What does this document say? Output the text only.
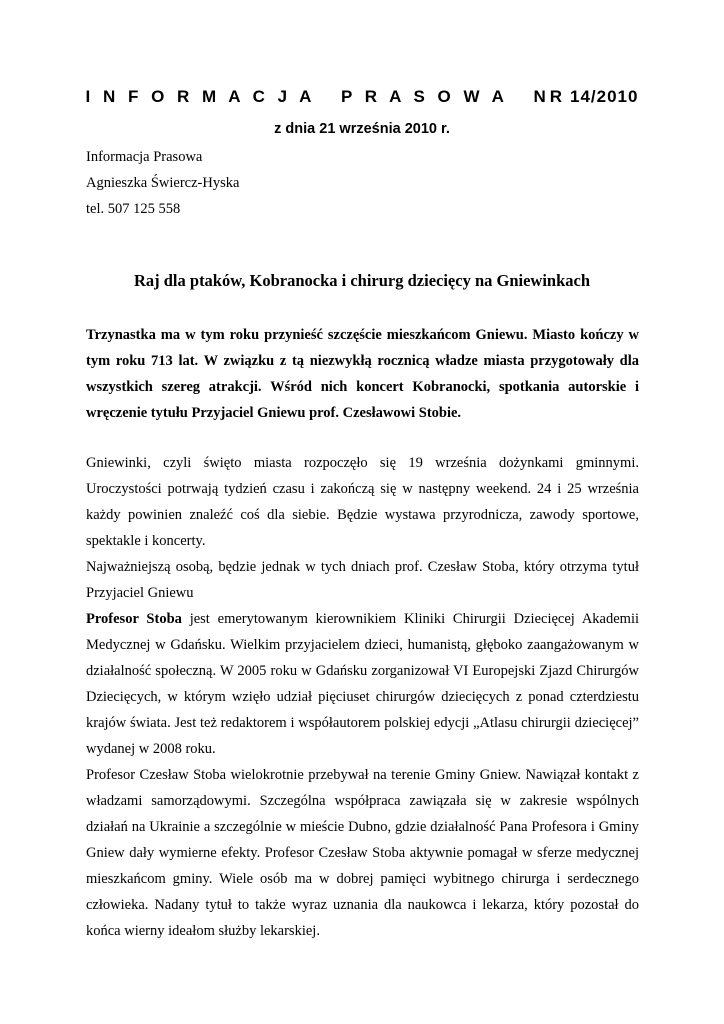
I N F O R M A C J A   P R A S O W A   NR 14/2010
z dnia 21 września 2010 r.
Informacja Prasowa
Agnieszka Świercz-Hyska
tel. 507 125 558
Raj dla ptaków, Kobranocka i chirurg dziecięcy na Gniewinkach

Trzynastka ma w tym roku przynieść szczęście mieszkańcom Gniewu. Miasto kończy w tym roku 713 lat. W związku z tą niezwykłą rocznicą władze miasta przygotowały dla wszystkich szereg atrakcji. Wśród nich koncert Kobranocki, spotkania autorskie i wręczenie tytułu Przyjaciel Gniewu prof. Czesławowi Stobie.

Gniewinki, czyli święto miasta rozpoczęło się 19 września dożynkami gminnymi. Uroczystości potrwają tydzień czasu i zakończą się w następny weekend. 24 i 25 września każdy powinien znaleźć coś dla siebie. Będzie wystawa przyrodnicza, zawody sportowe, spektakle i koncerty.

Najważniejszą osobą, będzie jednak w tych dniach prof. Czesław Stoba, który otrzyma tytuł Przyjaciel Gniewu

Profesor Stoba jest emerytowanym kierownikiem Kliniki Chirurgii Dziecięcej Akademii Medycznej w Gdańsku. Wielkim przyjacielem dzieci, humanistą, głęboko zaangażowanym w działalność społeczną. W 2005 roku w Gdańsku zorganizował VI Europejski Zjazd Chirurgów Dziecięcych, w którym wzięło udział pięciuset chirurgów dziecięcych z ponad czterdziestu krajów świata. Jest też redaktorem i współautorem polskiej edycji „Atlasu chirurgii dziecięcej” wydanej w 2008 roku.

Profesor Czesław Stoba wielokrotnie przebywał na terenie Gminy Gniew. Nawiązał kontakt z władzami samorządowymi. Szczególna współpraca zawiązała się w zakresie wspólnych działań na Ukrainie a szczególnie w mieście Dubno, gdzie działalność Pana Profesora i Gminy Gniew dały wymierne efekty. Profesor Czesław Stoba aktywnie pomagał w sferze medycznej mieszkańcom gminy. Wiele osób ma w dobrej pamięci wybitnego chirurga i serdecznego człowieka. Nadany tytuł to także wyraz uznania dla naukowca i lekarza, który pozostał do końca wierny ideałom służby lekarskiej.
